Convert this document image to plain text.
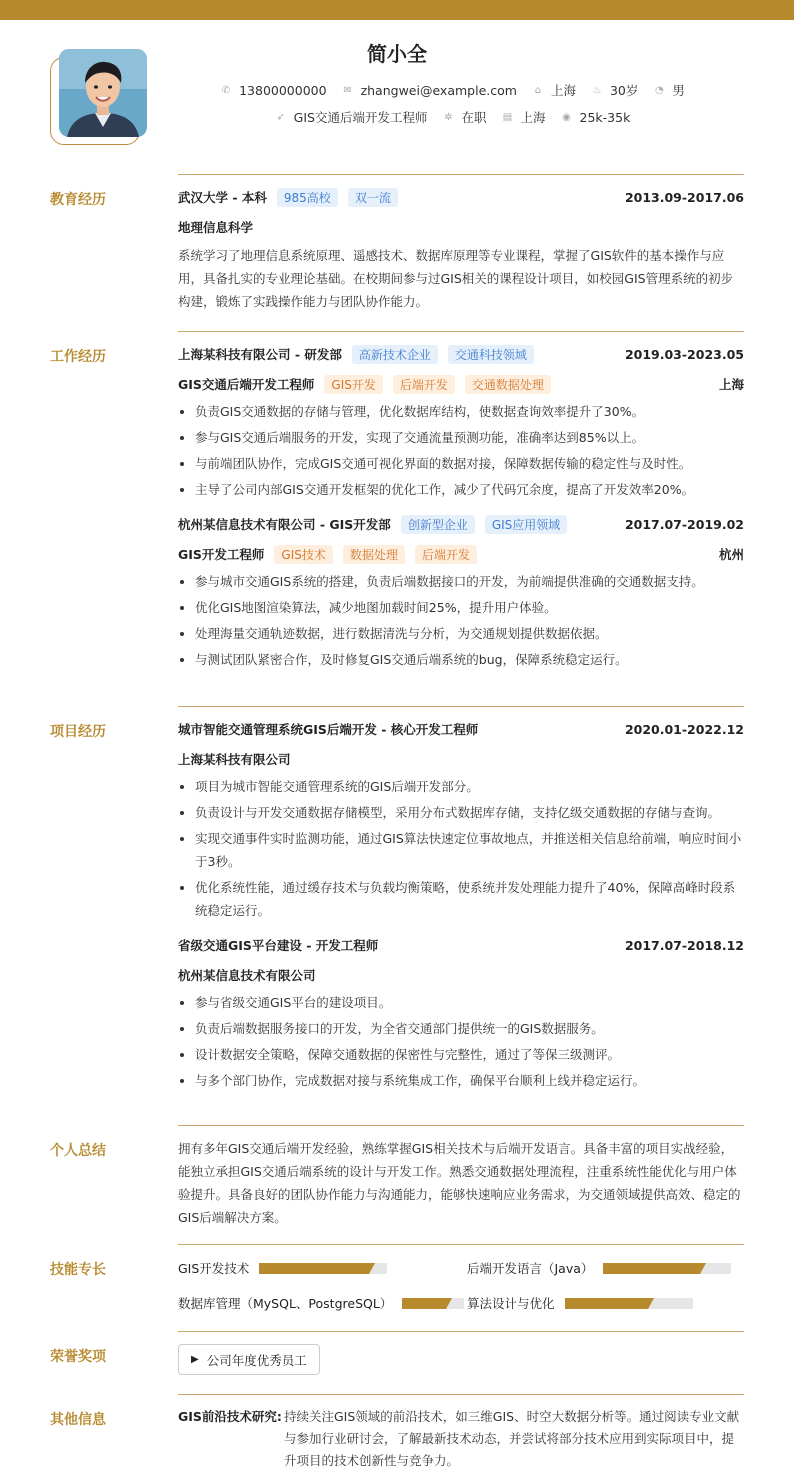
简小全
✆ 13800000000 ✉ zhangwei@example.com	⌂ 上海 ♨ 30岁 ◔ 男
➶ GIS交通后端开发工程师 ✲ 在职 ▤ 上海 ◉ 25k-35k
教育经历	武汉大学 - 本科	985高校	双一流	2013.09-2017.06
地理信息科学
系统学习了地理信息系统原理、遥感技术、数据库原理等专业课程，掌握了GIS软件的基本操作与应用，具备扎实的专业理论基础。在校期间参与过GIS相关的课程设计项目，如校园GIS管理系统的初步构建，锻炼了实践操作能力与团队协作能力。
工作经历	上海某科技有限公司 - 研发部	高新技术企业	交通科技领域	2019.03-2023.05
GIS交通后端开发工程师	GIS开发	后端开发	交通数据处理	上海
负责GIS交通数据的存储与管理，优化数据库结构，使数据查询效率提升了30%。
参与GIS交通后端服务的开发，实现了交通流量预测功能，准确率达到85%以上。
与前端团队协作，完成GIS交通可视化界面的数据对接，保障数据传输的稳定性与及时性。
主导了公司内部GIS交通开发框架的优化工作，减少了代码冗余度，提高了开发效率20%。
杭州某信息技术有限公司 - GIS开发部	创新型企业	GIS应用领域	2017.07-2019.02
GIS开发工程师	GIS技术	数据处理	后端开发	杭州
参与城市交通GIS系统的搭建，负责后端数据接口的开发，为前端提供准确的交通数据支持。
优化GIS地图渲染算法，减少地图加载时间25%，提升用户体验。
处理海量交通轨迹数据，进行数据清洗与分析，为交通规划提供数据依据。
与测试团队紧密合作，及时修复GIS交通后端系统的bug，保障系统稳定运行。
项目经历	城市智能交通管理系统GIS后端开发 - 核心开发工程师	2020.01-2022.12
上海某科技有限公司
项目为城市智能交通管理系统的GIS后端开发部分。
负责设计与开发交通数据存储模型，采用分布式数据库存储，支持亿级交通数据的存储与查询。
实现交通事件实时监测功能，通过GIS算法快速定位事故地点，并推送相关信息给前端，响应时间小于3秒。
优化系统性能，通过缓存技术与负载均衡策略，使系统并发处理能力提升了40%，保障高峰时段系统稳定运行。
省级交通GIS平台建设 - 开发工程师	2017.07-2018.12
杭州某信息技术有限公司
参与省级交通GIS平台的建设项目。
负责后端数据服务接口的开发，为全省交通部门提供统一的GIS数据服务。
设计数据安全策略，保障交通数据的保密性与完整性，通过了等保三级测评。
与多个部门协作，完成数据对接与系统集成工作，确保平台顺利上线并稳定运行。
个人总结	拥有多年GIS交通后端开发经验，熟练掌握GIS相关技术与后端开发语言。具备丰富的项目实战经验，能独立承担GIS交通后端系统的设计与开发工作。熟悉交通数据处理流程，注重系统性能优化与用户体验提升。具备良好的团队协作能力与沟通能力，能够快速响应业务需求，为交通领域提供高效、稳定的GIS后端解决方案。
技能专长	GIS开发技术	后端开发语言（Java）
数据库管理（MySQL、PostgreSQL）	算法设计与优化
荣誉奖项	▶ 公司年度优秀员工
其他信息	GIS前沿技术研究: 持续关注GIS领域的前沿技术，如三维GIS、时空大数据分析等。通过阅读专业文献与参加行业研讨会，了解最新技术动态，并尝试将部分技术应用到实际项目中，提升项目的技术创新性与竞争力。
